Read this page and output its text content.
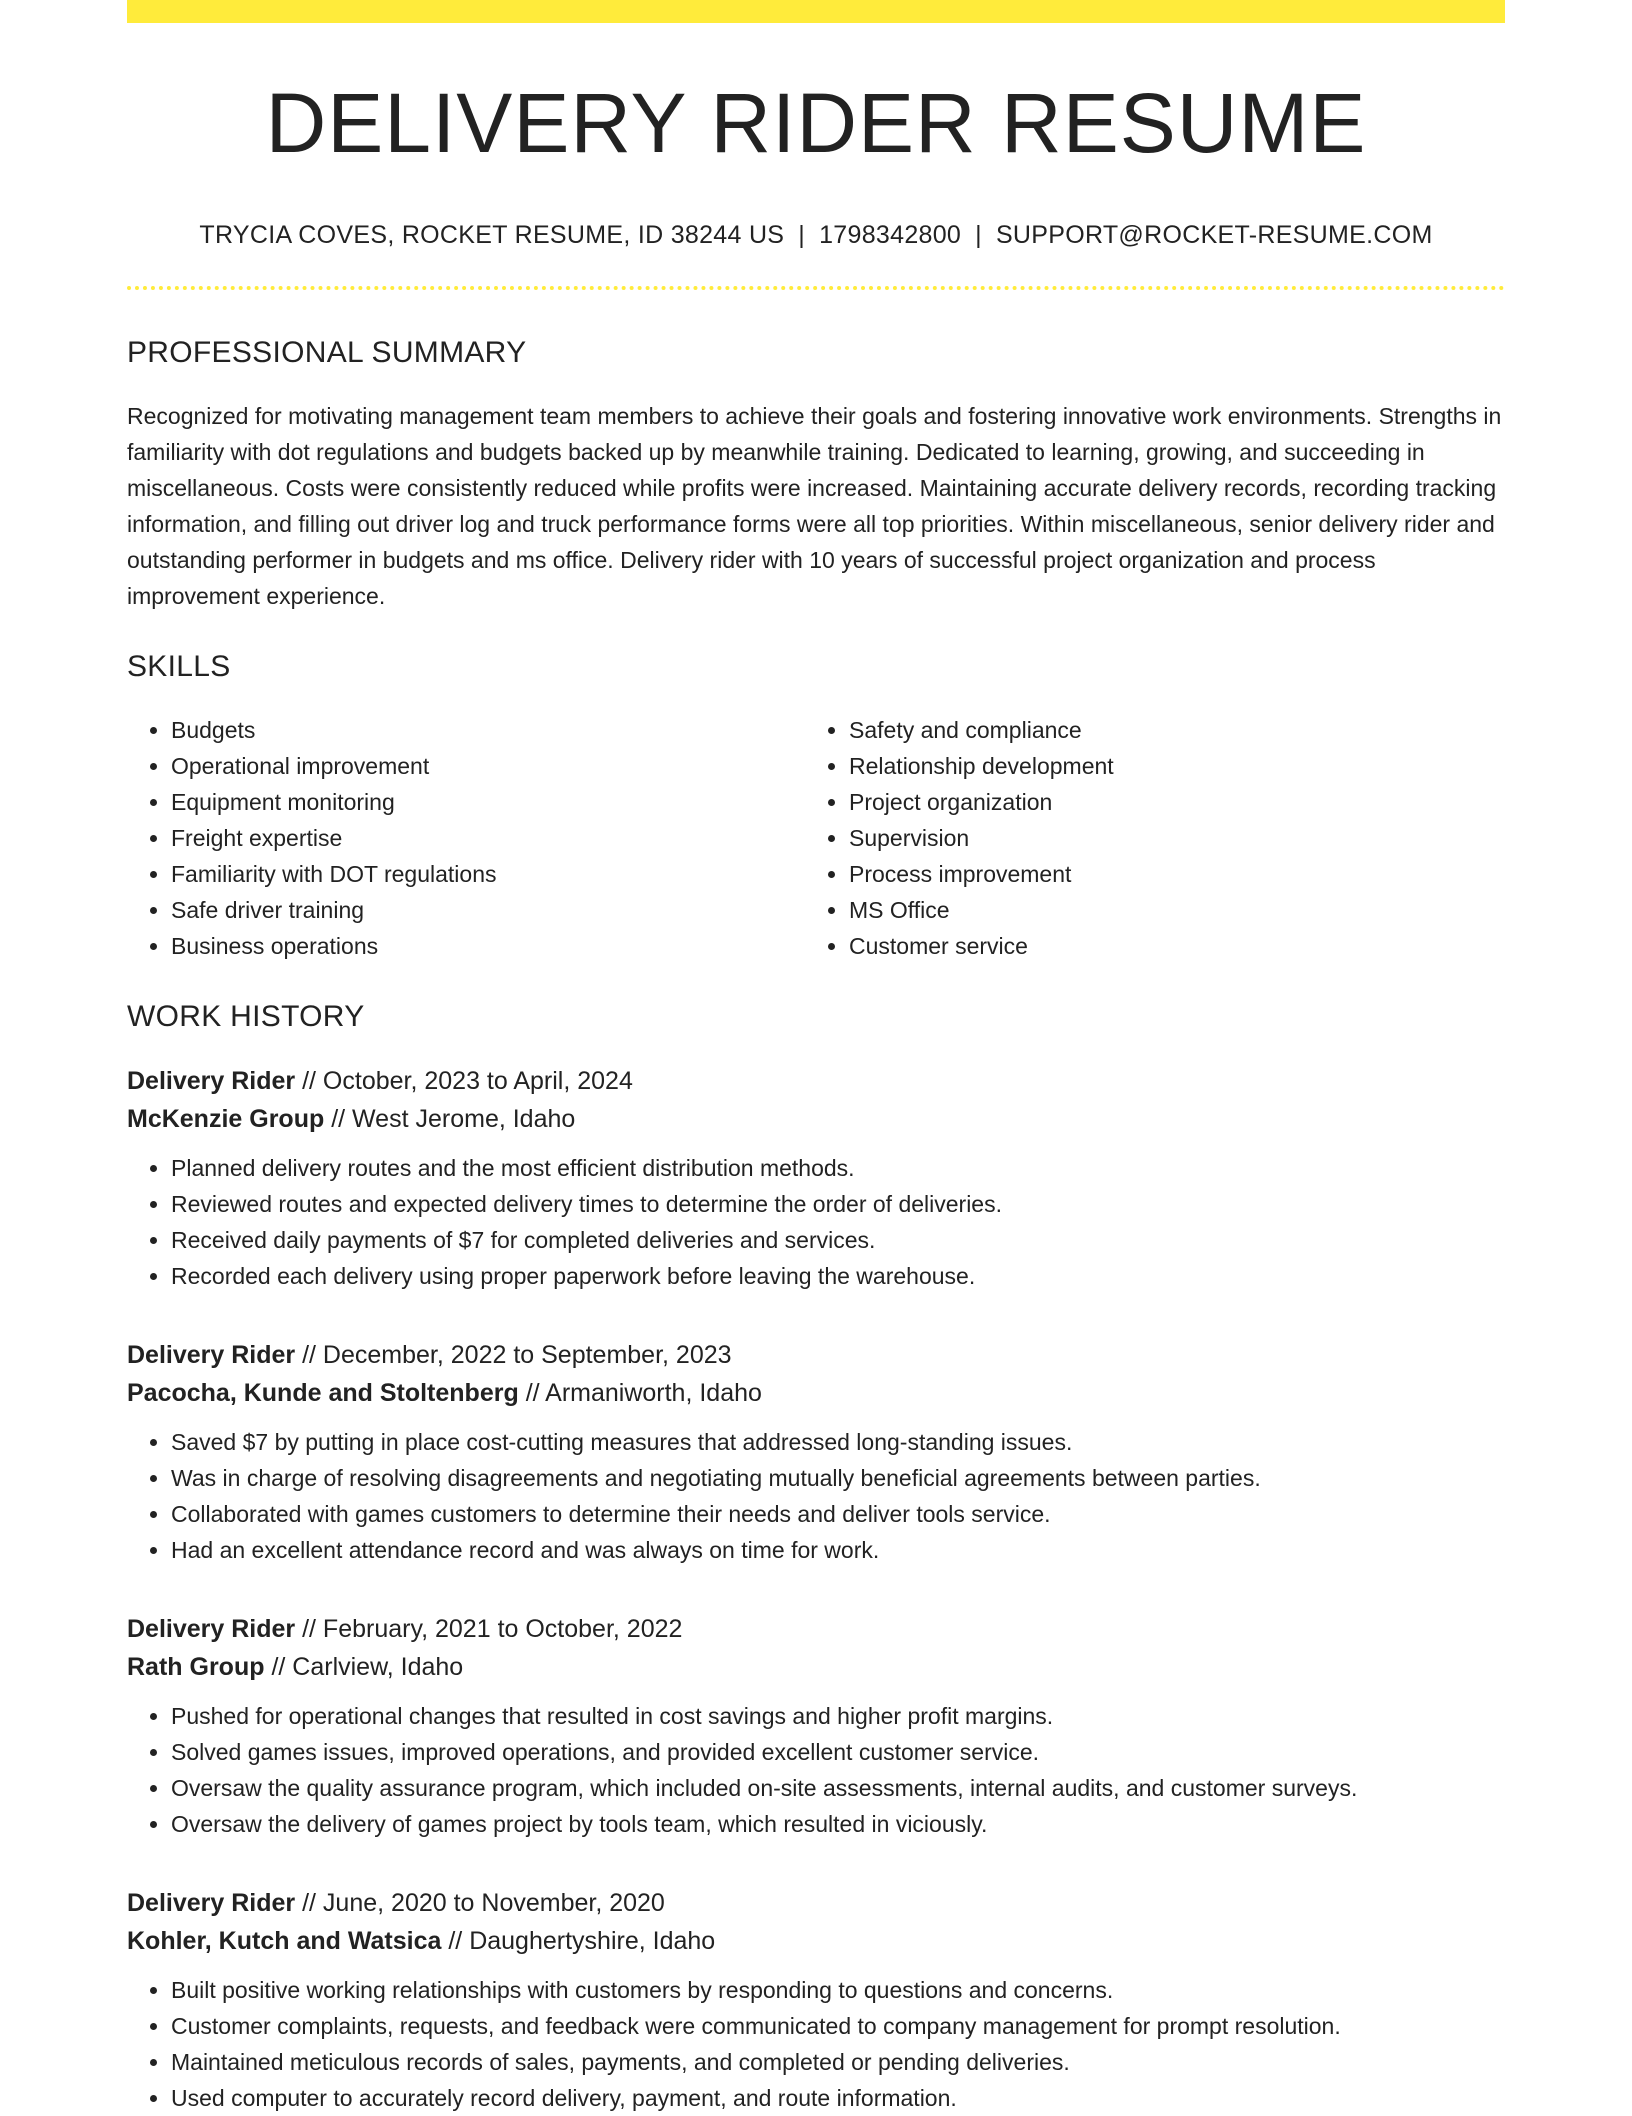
DELIVERY RIDER RESUME
TRYCIA COVES, ROCKET RESUME, ID 38244 US | 1798342800 | SUPPORT@ROCKET-RESUME.COM
PROFESSIONAL SUMMARY

Recognized for motivating management team members to achieve their goals and fostering innovative work environments. Strengths in familiarity with dot regulations and budgets backed up by meanwhile training. Dedicated to learning, growing, and succeeding in miscellaneous. Costs were consistently reduced while profits were increased. Maintaining accurate delivery records, recording tracking information, and filling out driver log and truck performance forms were all top priorities. Within miscellaneous, senior delivery rider and outstanding performer in budgets and ms office. Delivery rider with 10 years of successful project organization and process improvement experience.

SKILLS
• Budgets
• Operational improvement
• Equipment monitoring
• Freight expertise
• Familiarity with DOT regulations
• Safe driver training
• Business operations
• Safety and compliance
• Relationship development
• Project organization
• Supervision
• Process improvement
• MS Office
• Customer service
WORK HISTORY

Delivery Rider // October, 2023 to April, 2024

McKenzie Group // West Jerome, Idaho

• Planned delivery routes and the most efficient distribution methods.
• Reviewed routes and expected delivery times to determine the order of deliveries.
• Received daily payments of $7 for completed deliveries and services.
• Recorded each delivery using proper paperwork before leaving the warehouse.

Delivery Rider // December, 2022 to September, 2023

Pacocha, Kunde and Stoltenberg // Armaniworth, Idaho

• Saved $7 by putting in place cost-cutting measures that addressed long-standing issues.
• Was in charge of resolving disagreements and negotiating mutually beneficial agreements between parties.
• Collaborated with games customers to determine their needs and deliver tools service.
• Had an excellent attendance record and was always on time for work.

Delivery Rider // February, 2021 to October, 2022

Rath Group // Carlview, Idaho

• Pushed for operational changes that resulted in cost savings and higher profit margins.
• Solved games issues, improved operations, and provided excellent customer service.
• Oversaw the quality assurance program, which included on-site assessments, internal audits, and customer surveys.
• Oversaw the delivery of games project by tools team, which resulted in viciously.

Delivery Rider // June, 2020 to November, 2020

Kohler, Kutch and Watsica // Daughertyshire, Idaho

• Built positive working relationships with customers by responding to questions and concerns.
• Customer complaints, requests, and feedback were communicated to company management for prompt resolution.
• Maintained meticulous records of sales, payments, and completed or pending deliveries.
• Used computer to accurately record delivery, payment, and route information.
